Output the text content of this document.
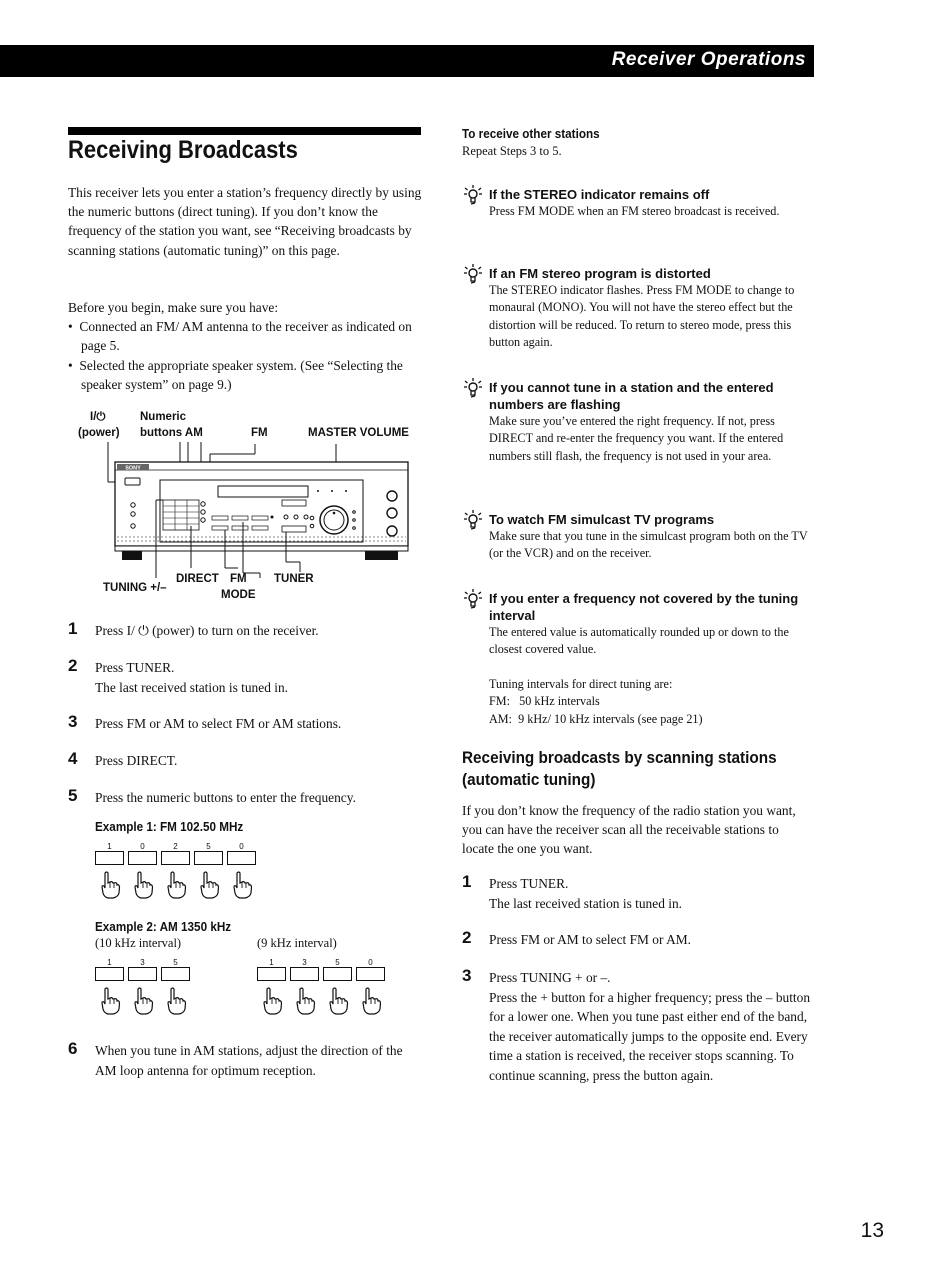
Receiver Operations
Receiving Broadcasts
This receiver lets you enter a station’s frequency directly by using the numeric buttons (direct tuning). If you don’t know the frequency of the station you want, see “Receiving broadcasts by scanning stations (automatic tuning)” on this page.
Before you begin, make sure you have:
•  Connected an FM/ AM antenna to the receiver as indicated on page 5.
•  Selected the appropriate speaker system. (See “Selecting the speaker system” on page 9.)
I/⏻
(power)
Numeric
buttons AM	FM	MASTER VOLUME
SONY
TUNING +/–
DIRECT FM
MODE
TUNER
1 Press I/ ⏻ (power) to turn on the receiver.
2 Press TUNER.
The last received station is tuned in.
3 Press FM or AM to select FM or AM stations.
4 Press DIRECT.
5 Press the numeric buttons to enter the frequency.
Example 1: FM 102.50 MHz
1	0	2	5	0
Example 2: AM 1350 kHz
(10 kHz interval)	(9 kHz interval)
1	3	5	1	3	5	0
6 When you tune in AM stations, adjust the direction of the AM loop antenna for optimum reception.
To receive other stations
Repeat Steps 3 to 5.
If the STEREO indicator remains off
Press FM MODE when an FM stereo broadcast is received.
If an FM stereo program is distorted
The STEREO indicator flashes. Press FM MODE to change to monaural (MONO). You will not have the stereo effect but the distortion will be reduced. To return to stereo mode, press this button again.
If you cannot tune in a station and the entered numbers are flashing
Make sure you’ve entered the right frequency. If not, press DIRECT and re-enter the frequency you want. If the entered numbers still flash, the frequency is not used in your area.
To watch FM simulcast TV programs
Make sure that you tune in the simulcast program both on the TV (or the VCR) and on the receiver.
If you enter a frequency not covered by the tuning interval
The entered value is automatically rounded up or down to the closest covered value.
Tuning intervals for direct tuning are:
FM:   50 kHz intervals
AM:  9 kHz/ 10 kHz intervals (see page 21)
Receiving broadcasts by scanning stations
(automatic tuning)
If you don’t know the frequency of the radio station you want, you can have the receiver scan all the receivable stations to locate the one you want.
1 Press TUNER.
The last received station is tuned in.
2 Press FM or AM to select FM or AM.
3 Press TUNING + or –.
Press the + button for a higher frequency; press the – button for a lower one. When you tune past either end of the band, the receiver automatically jumps to the opposite end. Every time a station is received, the receiver stops scanning. To continue scanning, press the button again.
13
